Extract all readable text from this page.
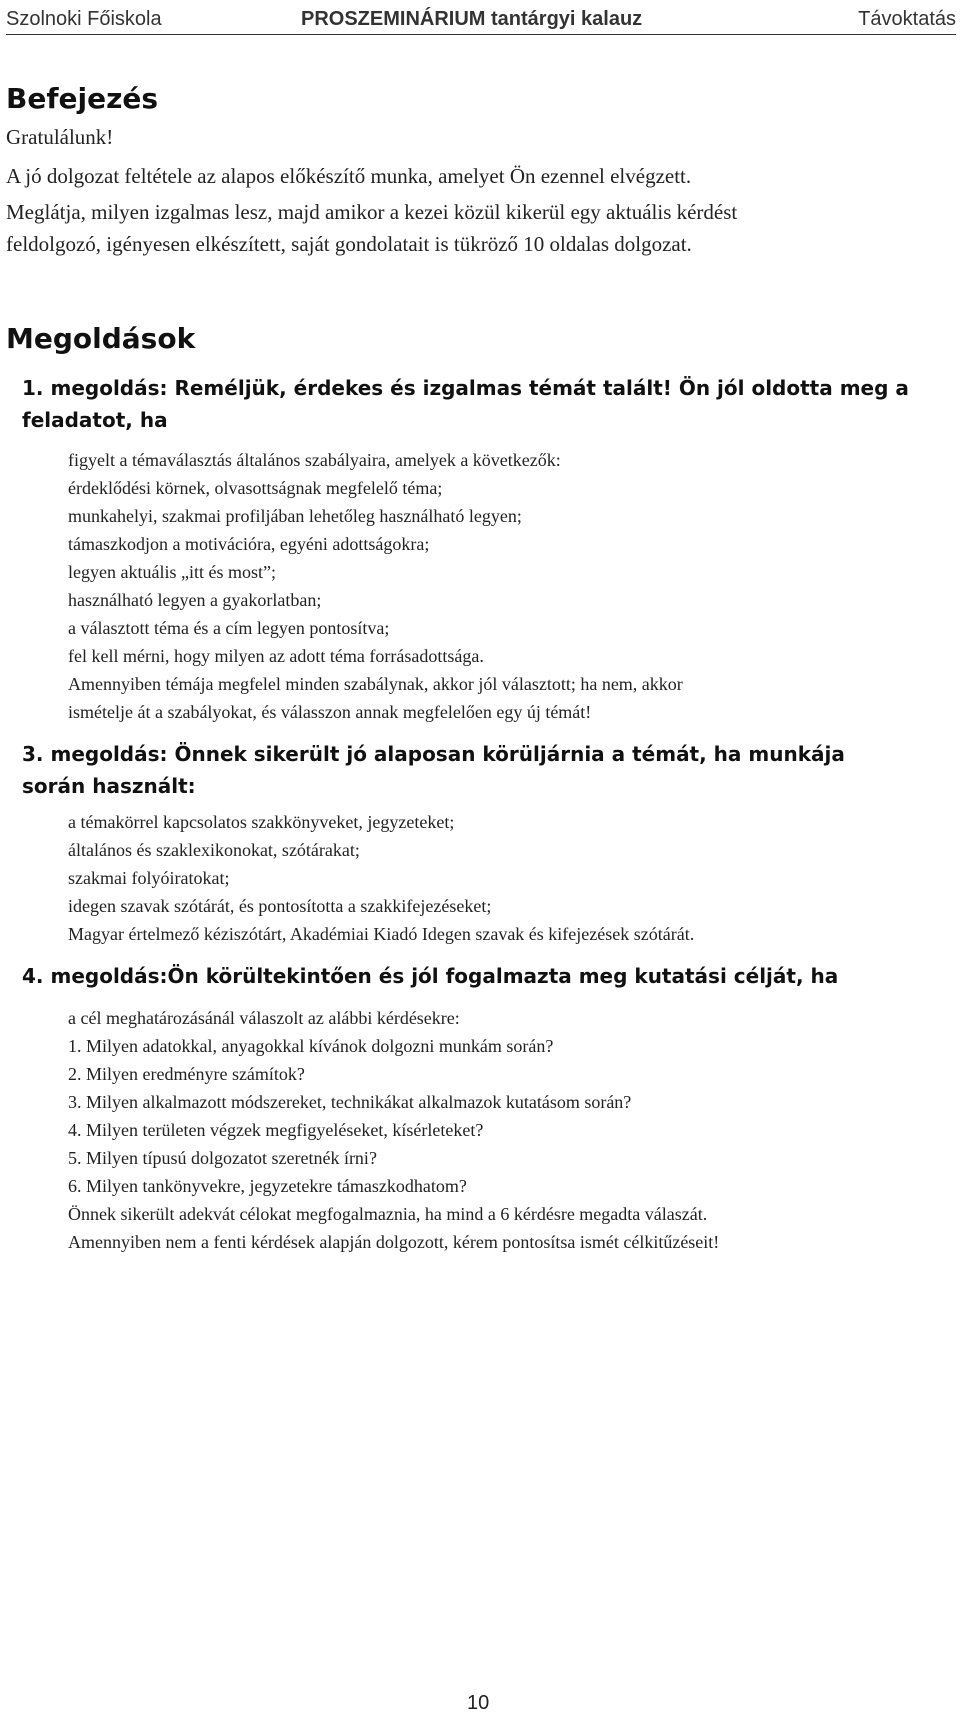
Szolnoki Főiskola	PROSZEMINÁRIUM tantárgyi kalauz	Távoktatás
Befejezés
Gratulálunk!
A jó dolgozat feltétele az alapos előkészítő munka, amelyet Ön ezennel elvégzett.
Meglátja, milyen izgalmas lesz, majd amikor a kezei közül kikerül egy aktuális kérdést
feldolgozó, igényesen elkészített, saját gondolatait is tükröző 10 oldalas dolgozat.
Megoldások
1. megoldás: Reméljük, érdekes és izgalmas témát talált! Ön jól oldotta meg a
feladatot, ha
figyelt a témaválasztás általános szabályaira, amelyek a következők:
érdeklődési körnek, olvasottságnak megfelelő téma;
munkahelyi, szakmai profiljában lehetőleg használható legyen;
támaszkodjon a motivációra, egyéni adottságokra;
legyen aktuális „itt és most”;
használható legyen a gyakorlatban;
a választott téma és a cím legyen pontosítva;
fel kell mérni, hogy milyen az adott téma forrásadottsága.
Amennyiben témája megfelel minden szabálynak, akkor jól választott; ha nem, akkor
ismételje át a szabályokat, és válasszon annak megfelelően egy új témát!
3. megoldás: Önnek sikerült jó alaposan körüljárnia a témát, ha munkája
során használt:
a témakörrel kapcsolatos szakkönyveket, jegyzeteket;
általános és szaklexikonokat, szótárakat;
szakmai folyóiratokat;
idegen szavak szótárát, és pontosította a szakkifejezéseket;
Magyar értelmező kéziszótárt, Akadémiai Kiadó Idegen szavak és kifejezések szótárát.
4. megoldás:Ön körültekintően és jól fogalmazta meg kutatási célját, ha
a cél meghatározásánál válaszolt az alábbi kérdésekre:
1. Milyen adatokkal, anyagokkal kívánok dolgozni munkám során?
2. Milyen eredményre számítok?
3. Milyen alkalmazott módszereket, technikákat alkalmazok kutatásom során?
4. Milyen területen végzek megfigyeléseket, kísérleteket?
5. Milyen típusú dolgozatot szeretnék írni?
6. Milyen tankönyvekre, jegyzetekre támaszkodhatom?
Önnek sikerült adekvát célokat megfogalmaznia, ha mind a 6 kérdésre megadta válaszát.
Amennyiben nem a fenti kérdések alapján dolgozott, kérem pontosítsa ismét célkitűzéseit!
10
